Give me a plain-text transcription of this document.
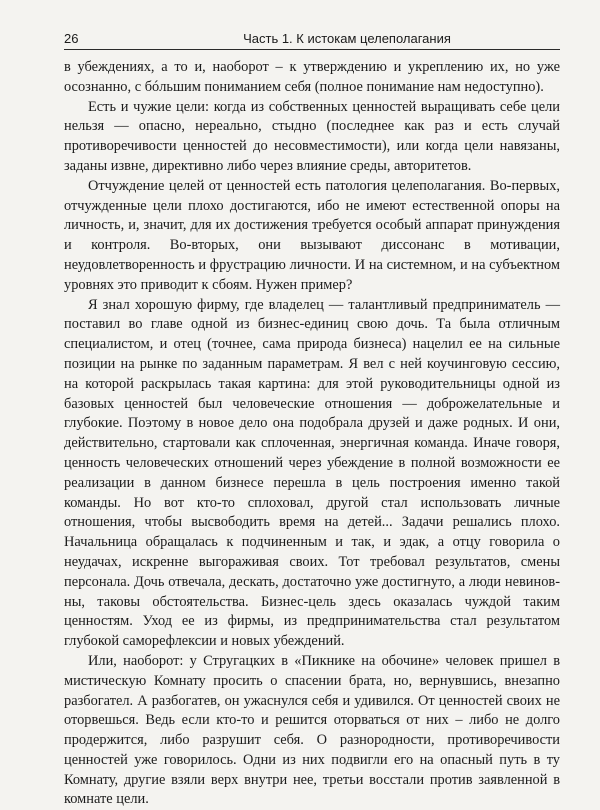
26	Часть 1. К истокам целеполагания

в убеждениях, а то и, наоборот – к утверждению и укреплению их, но уже осознанно, с бóльшим пониманием себя (полное понимание нам недоступно).

Есть и чужие цели: когда из собственных ценностей выращивать себе цели нельзя — опасно, нереально, стыдно (последнее как раз и есть случай противоречивости ценностей до несовместимости), или когда цели навязаны, заданы извне, директивно либо через влияние среды, авторитетов.

Отчуждение целей от ценностей есть патология целеполагания. Во-первых, отчужденные цели плохо достигаются, ибо не имеют естественной опоры на личность, и, значит, для их достижения требуется особый аппарат принуждения и контроля. Во-вторых, они вызывают диссонанс в мотивации, неудовлетворенность и фрустрацию личности. И на системном, и на субъектном уровнях это приводит к сбоям. Нужен пример?

Я знал хорошую фирму, где владелец — талантливый предприниматель — поставил во главе одной из бизнес-единиц свою дочь. Та была отличным специалистом, и отец (точнее, сама природа бизнеса) нацелил ее на сильные позиции на рынке по заданным параметрам. Я вел с ней коучинговую сессию, на которой раскрылась такая картина: для этой руководительницы одной из базовых ценностей был человеческие отношения — доброжелательные и глубокие. Поэтому в новое дело она подобрала друзей и даже родных. И они, действительно, стартовали как сплоченная, энергичная команда. Иначе говоря, ценность человеческих отношений через убеждение в полной возможности ее реализации в данном бизнесе перешла в цель построения именно такой команды. Но вот кто-то сплоховал, другой стал использовать личные отношения, чтобы высвободить время на детей... Задачи решались плохо. Начальница обращалась к подчиненным и так, и эдак, а отцу говорила о неудачах, искренне выгораживая своих. Тот требовал результатов, смены персонала. Дочь отвечала, дескать, достаточно уже достигнуто, а люди невиновны, таковы обстоятельства. Бизнес-цель здесь оказалась чуждой таким ценностям. Уход ее из фирмы, из предпринимательства стал результатом глубокой саморефлексии и новых убеждений.

Или, наоборот: у Стругацких в «Пикнике на обочине» человек пришел в мистическую Комнату просить о спасении брата, но, вернувшись, внезапно разбогател. А разбогатев, он ужаснулся себя и удивился. От ценностей своих не оторвешься. Ведь если кто-то и решится оторваться от них – либо не долго продержится, либо разрушит себя. О разнородности, противоречивости ценностей уже говорилось. Одни из них подвигли его на опасный путь в ту Комнату, другие взяли верх внутри нее, третьи восстали против заявленной в комнате цели.
